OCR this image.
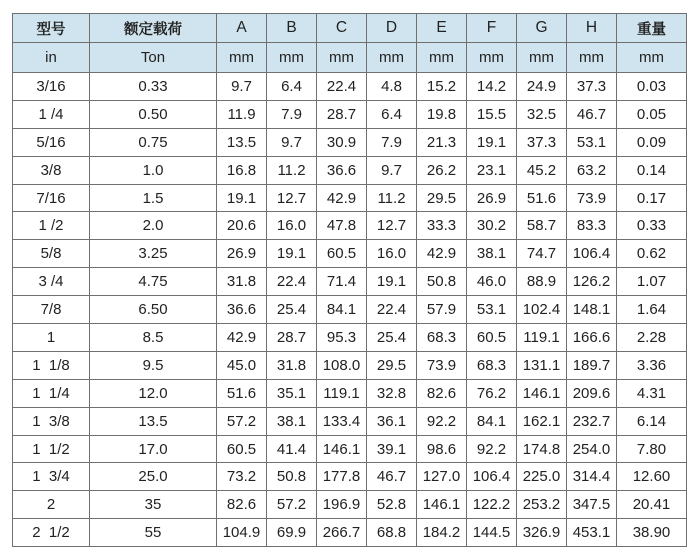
型号	额定载荷	A	B	C	D	E	F	G	H	重量
in	Ton	mm	mm	mm	mm	mm	mm	mm	mm	mm
3/16	0.33	9.7	6.4	22.4	4.8	15.2	14.2	24.9	37.3	0.03
1 /4	0.50	11.9	7.9	28.7	6.4	19.8	15.5	32.5	46.7	0.05
5/16	0.75	13.5	9.7	30.9	7.9	21.3	19.1	37.3	53.1	0.09
3/8	1.0	16.8	11.2	36.6	9.7	26.2	23.1	45.2	63.2	0.14
7/16	1.5	19.1	12.7	42.9	11.2	29.5	26.9	51.6	73.9	0.17
1 /2	2.0	20.6	16.0	47.8	12.7	33.3	30.2	58.7	83.3	0.33
5/8	3.25	26.9	19.1	60.5	16.0	42.9	38.1	74.7	106.4	0.62
3 /4	4.75	31.8	22.4	71.4	19.1	50.8	46.0	88.9	126.2	1.07
7/8	6.50	36.6	25.4	84.1	22.4	57.9	53.1	102.4	148.1	1.64
1	8.5	42.9	28.7	95.3	25.4	68.3	60.5	119.1	166.6	2.28
1  1/8	9.5	45.0	31.8	108.0	29.5	73.9	68.3	131.1	189.7	3.36
1  1/4	12.0	51.6	35.1	119.1	32.8	82.6	76.2	146.1	209.6	4.31
1  3/8	13.5	57.2	38.1	133.4	36.1	92.2	84.1	162.1	232.7	6.14
1  1/2	17.0	60.5	41.4	146.1	39.1	98.6	92.2	174.8	254.0	7.80
1  3/4	25.0	73.2	50.8	177.8	46.7	127.0	106.4	225.0	314.4	12.60
2	35	82.6	57.2	196.9	52.8	146.1	122.2	253.2	347.5	20.41
2  1/2	55	104.9	69.9	266.7	68.8	184.2	144.5	326.9	453.1	38.90
